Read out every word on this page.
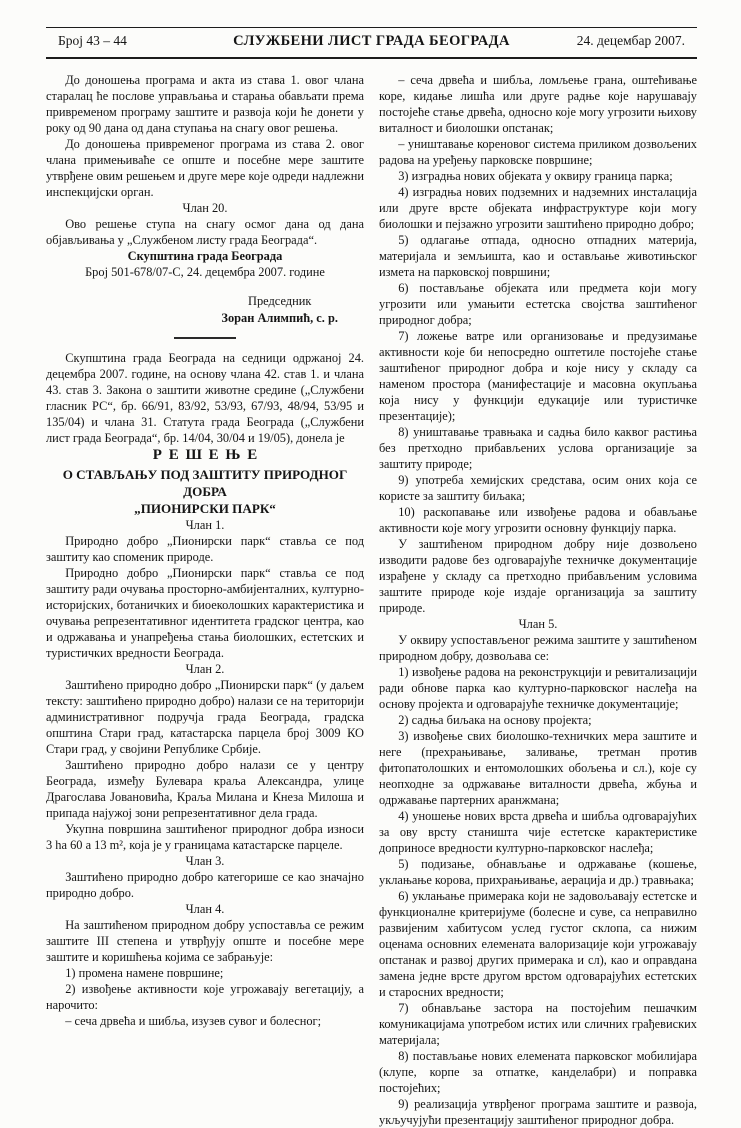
Број 43 – 44	СЛУЖБЕНИ ЛИСТ ГРАДА БЕОГРАДА	24. децембар 2007.

До доношења програма и акта из става 1. овог члана старалац ће послове управљања и старања обављати према привременом програму заштите и развоја који ће донети у року од 90 дана од дана ступања на снагу овог решења.

До доношења привременог програма из става 2. овог члана примењиваће се опште и посебне мере заштите утврђене овим решењем и друге мере које одреди надлежни инспекцијски орган.

Члан 20.

Ово решење ступа на снагу осмог дана од дана објављивања у „Службеном листу града Београда“.

Скупштина града Београда

Број 501-678/07-С, 24. децембра 2007. године

Председник
Зоран Алимпић, с. р.

Скупштина града Београда на седници одржаној 24. децембра 2007. године, на основу члана 42. став 1. и члана 43. став 3. Закона о заштити животне средине („Службени гласник РС“, бр. 66/91, 83/92, 53/93, 67/93, 48/94, 53/95 и 135/04) и члана 31. Статута града Београда („Службени лист града Београда“, бр. 14/04, 30/04 и 19/05), донела је

РЕШЕЊЕ

О СТАВЉАЊУ ПОД ЗАШТИТУ ПРИРОДНОГ ДОБРА

„ПИОНИРСКИ ПАРК“

Члан 1.

Природно добро „Пионирски парк“ ставља се под заштиту као споменик природе.

Природно добро „Пионирски парк“ ставља се под заштиту ради очувања просторно-амбијенталних, културно-историјских, ботаничких и биоеколошких карактеристика и очувања репрезентативног идентитета градског центра, као и одржавања и унапређења стања биолошких, естетских и туристичких вредности Београда.

Члан 2.

Заштићено природно добро „Пионирски парк“ (у даљем тексту: заштићено природно добро) налази се на територији административног подручја града Београда, градска општина Стари град, катастарска парцела број 3009 КО Стари град, у својини Републике Србије.

Заштићено природно добро налази се у центру Београда, између Булевара краља Александра, улице Драгослава Јовановића, Краља Милана и Кнеза Милоша и припада најужој зони репрезентативног дела града.

Укупна површина заштићеног природног добра износи 3 ha 60 a 13 m², која је у границама катастарске парцеле.

Члан 3.

Заштићено природно добро категорише се као значајно природно добро.

Члан 4.

На заштићеном природном добру успоставља се режим заштите III степена и утврђују опште и посебне мере заштите и коришћења којима се забрањује:

1) промена намене површине;

2) извођење активности које угрожавају вегетацију, а нарочито:

– сеча дрвећа и шибља, изузев сувог и болесног;

– сеча дрвећа и шибља, ломљење грана, оштећивање коре, кидање лишћа или друге радње које нарушавају постојеће стање дрвећа, односно које могу угрозити њихову виталност и биолошки опстанак;

– уништавање кореновог система приликом дозвољених радова на уређењу парковске површине;

3) изградња нових објеката у оквиру граница парка;

4) изградња нових подземних и надземних инсталација или друге врсте објеката инфраструктуре који могу биолошки и пејзажно угрозити заштићено природно добро;

5) одлагање отпада, односно отпадних материја, материјала и земљишта, као и остављање животињског измета на парковској површини;

6) постављање објеката или предмета који могу угрозити или умањити естетска својства заштићеног природног добра;

7) ложење ватре или организовање и предузимање активности које би непосредно оштетиле постојеће стање заштићеног природног добра и које нису у складу са наменом простора (манифестације и масовна окупљања која нису у функцији едукације или туристичке презентације);

8) уништавање травњака и садња било каквог растиња без претходно прибављених услова организације за заштиту природе;

9) употреба хемијских средстава, осим оних која се користе за заштиту биљака;

10) раскопавање или извођење радова и обављање активности које могу угрозити основну функцију парка.

У заштићеном природном добру није дозвољено изводити радове без одговарајуће техничке документације израђене у складу са претходно прибављеним условима заштите природе које издаје организација за заштиту природе.

Члан 5.

У оквиру успостављеног режима заштите у заштићеном природном добру, дозвољава се:

1) извођење радова на реконструкцији и ревитализацији ради обнове парка као културно-парковског наслеђа на основу пројекта и одговарајуће техничке документације;

2) садња биљака на основу пројекта;

3) извођење свих биолошко-техничких мера заштите и неге (прехрањивање, заливање, третман против фитопатолошких и ентомолошких обољења и сл.), које су неопходне за одржавање виталности дрвећа, жбуња и одржавање партерних аранжмана;

4) уношење нових врста дрвећа и шибља одговарајућих за ову врсту станишта чије естетске карактеристике доприносе вредности културно-парковског наслеђа;

5) подизање, обнављање и одржавање (кошење, уклањање корова, прихрањивање, аерација и др.) травњака;

6) уклањање примерака који не задовољавају естетске и функционалне критеријуме (болесне и суве, са неправилно развијеним хабитусом услед густог склопа, са нижим оценама основних елемената валоризације који угрожавају опстанак и развој других примерака и сл), као и оправдана замена једне врсте другом врстом одговарајућих естетских и старосних вредности;

7) обнављање застора на постојећим пешачким комуникацијама употребом истих или сличних грађевиских материјала;

8) постављање нових елемената парковског мобилијара (клупе, корпе за отпатке, канделабри) и поправка постојећих;

9) реализација утврђеног програма заштите и развоја, укључујући презентацију заштићеног природног добра.
